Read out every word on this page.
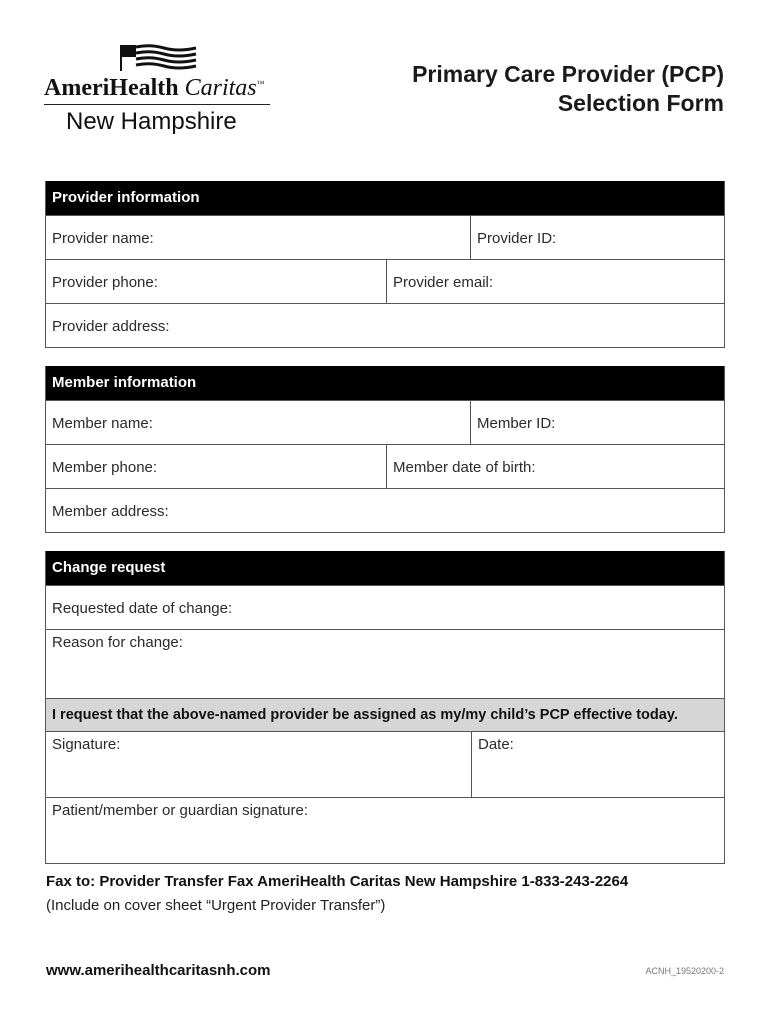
AmeriHealth Caritas™
New Hampshire
Primary Care Provider (PCP)
Selection Form
Provider information
Provider name:	Provider ID:
Provider phone:	Provider email:
Provider address:
Member information
Member name:	Member ID:
Member phone:	Member date of birth:
Member address:
Change request
Requested date of change:
Reason for change:
I request that the above-named provider be assigned as my/my child’s PCP effective today.
Signature:	Date:
Patient/member or guardian signature:
Fax to: Provider Transfer Fax AmeriHealth Caritas New Hampshire 1-833-243-2264
(Include on cover sheet “Urgent Provider Transfer”)
www.amerihealthcaritasnh.com	ACNH_19520200-2
